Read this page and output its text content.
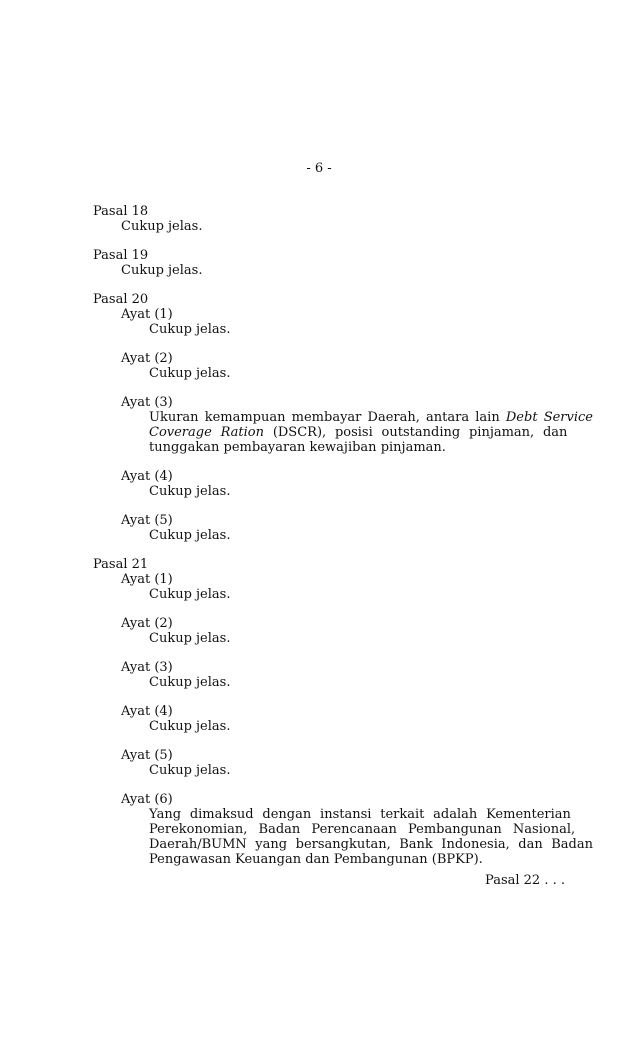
- 6 -
Pasal 18
Cukup jelas.
Pasal 19
Cukup jelas.
Pasal 20
Ayat (1)
Cukup jelas.
Ayat (2)
Cukup jelas.
Ayat (3)
Ukuran kemampuan membayar Daerah, antara lain Debt Service
Coverage Ration (DSCR), posisi outstanding pinjaman, dan
tunggakan pembayaran kewajiban pinjaman.
Ayat (4)
Cukup jelas.
Ayat (5)
Cukup jelas.
Pasal 21
Ayat (1)
Cukup jelas.
Ayat (2)
Cukup jelas.
Ayat (3)
Cukup jelas.
Ayat (4)
Cukup jelas.
Ayat (5)
Cukup jelas.
Ayat (6)
Yang dimaksud dengan instansi terkait adalah Kementerian
Perekonomian, Badan Perencanaan Pembangunan Nasional,
Daerah/BUMN yang bersangkutan, Bank Indonesia, dan Badan
Pengawasan Keuangan dan Pembangunan (BPKP).
Pasal 22 . . .
